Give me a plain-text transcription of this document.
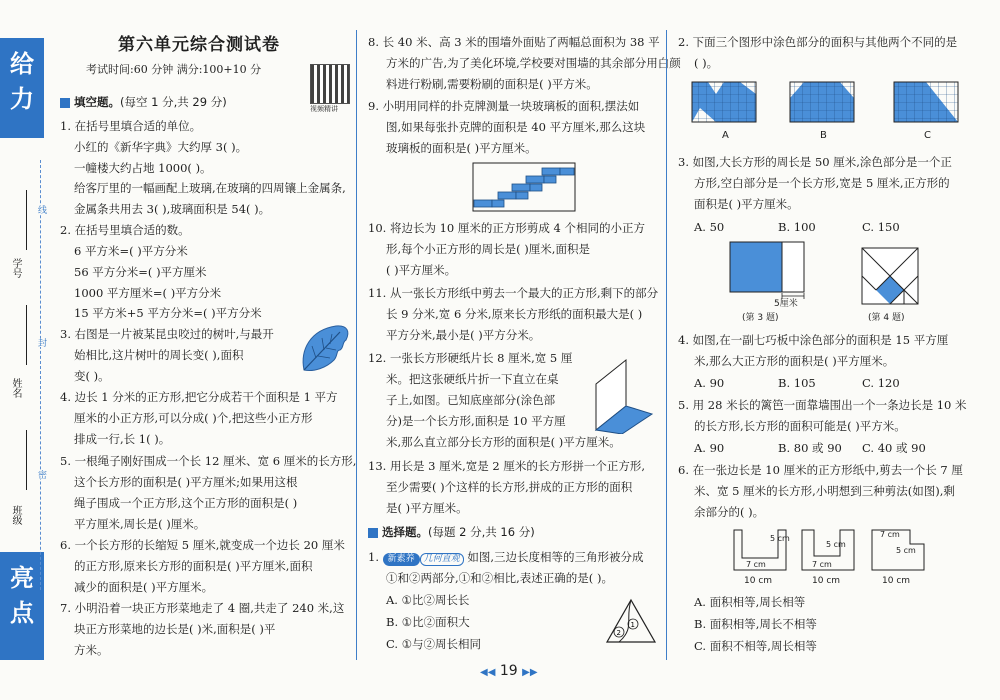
给力
亮点
线
封
密
学号
姓名
班级
第六单元综合测试卷
考试时间:60 分钟 满分:100+10 分
视频精讲
填空题。(每空 1 分,共 29 分)
1. 在括号里填合适的单位。
小红的《新华字典》大约厚 3( )。
一幢楼大约占地 1000( )。
给客厅里的一幅画配上玻璃,在玻璃的四周镶上金属条,
金属条共用去 3( ),玻璃面积是 54( )。
2. 在括号里填合适的数。
6 平方米=( )平方分米
56 平方分米=( )平方厘米
1000 平方厘米=( )平方分米
15 平方米+5 平方分米=( )平方分米
3. 右图是一片被某昆虫咬过的树叶,与最开
始相比,这片树叶的周长变( ),面积
变( )。
4. 边长 1 分米的正方形,把它分成若干个面积是 1 平方
厘米的小正方形,可以分成( )个,把这些小正方形
排成一行,长 1( )。
5. 一根绳子刚好围成一个长 12 厘米、宽 6 厘米的长方形,
这个长方形的面积是( )平方厘米;如果用这根
绳子围成一个正方形,这个正方形的面积是( )
平方厘米,周长是( )厘米。
6. 一个长方形的长缩短 5 厘米,就变成一个边长 20 厘米
的正方形,原来长方形的面积是( )平方厘米,面积
减少的面积是( )平方厘米。
7. 小明沿着一块正方形菜地走了 4 圈,共走了 240 米,这
块正方形菜地的边长是( )米,面积是( )平
方米。
8. 长 40 米、高 3 米的围墙外面贴了两幅总面积为 38 平
方米的广告,为了美化环境,学校要对围墙的其余部分用白颜
料进行粉刷,需要粉刷的面积是( )平方米。
9. 小明用同样的扑克牌测量一块玻璃板的面积,摆法如
图,如果每张扑克牌的面积是 40 平方厘米,那么这块
玻璃板的面积是( )平方厘米。
10. 将边长为 10 厘米的正方形剪成 4 个相同的小正方
形,每个小正方形的周长是( )厘米,面积是
( )平方厘米。
11. 从一张长方形纸中剪去一个最大的正方形,剩下的部分
长 9 分米,宽 6 分米,原来长方形纸的面积最大是( )
平方分米,最小是( )平方分米。
12. 一张长方形硬纸片长 8 厘米,宽 5 厘
米。把这张硬纸片折一下直立在桌
子上,如图。已知底座部分(涂色部
分)是一个长方形,面积是 10 平方厘
米,那么直立部分长方形的面积是( )平方厘米。
13. 用长是 3 厘米,宽是 2 厘米的长方形拼一个正方形,
至少需要( )个这样的长方形,拼成的正方形的面积
是( )平方厘米。
选择题。(每题 2 分,共 16 分)
1. 新素养 几何直观 如图,三边长度相等的三角形被分成
①和②两部分,①和②相比,表述正确的是( )。
A. ①比②周长长
B. ①比②面积大
C. ①与②周长相同
1
2
2. 下面三个图形中涂色部分的面积与其他两个不同的是
( )。
A	B	C
3. 如图,大长方形的周长是 50 厘米,涂色部分是一个正
方形,空白部分是一个长方形,宽是 5 厘米,正方形的
面积是( )平方厘米。
A. 50	B. 100	C. 150
5厘米
(第 3 题)	(第 4 题)
4. 如图,在一副七巧板中涂色部分的面积是 15 平方厘
米,那么大正方形的面积是( )平方厘米。
A. 90	B. 105	C. 120
5. 用 28 米长的篱笆一面靠墙围出一个一条边长是 10 米
的长方形,长方形的面积可能是( )平方米。
A. 90	B. 80 或 90 C. 40 或 90
6. 在一张边长是 10 厘米的正方形纸中,剪去一个长 7 厘
米、宽 5 厘米的长方形,小明想到三种剪法(如图),剩
余部分的( )。
5 cm
7 cm
10 cm
5 cm
7 cm
10 cm
7 cm
5 cm
10 cm
A. 面积相等,周长相等
B. 面积相等,周长不相等
C. 面积不相等,周长相等
◀◀ 19 ▶▶
